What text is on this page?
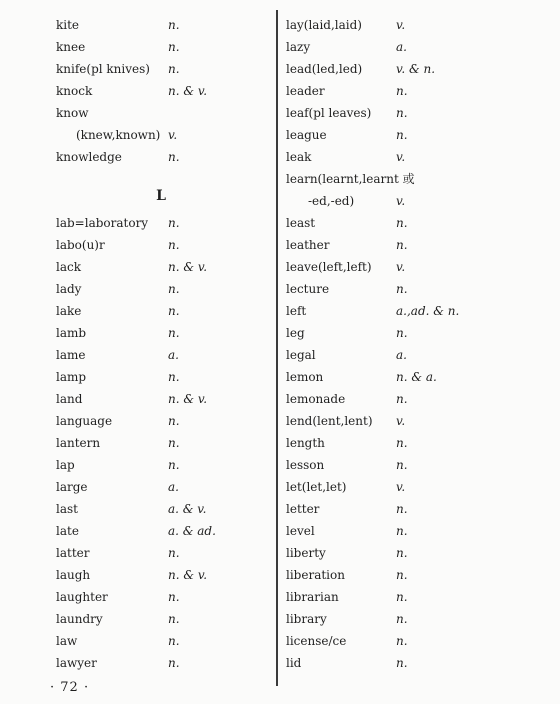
kite	n.
knee	n.
knife(pl knives) n.
knock	n. & v.
know
(knew,known) v.
knowledge	n.
L
lab=laboratory n.
labo(u)r	n.
lack	n. & v.
lady	n.
lake	n.
lamb	n.
lame	a.
lamp	n.
land	n. & v.
language	n.
lantern	n.
lap	n.
large	a.
last	a. & v.
late	a. & ad.
latter	n.
laugh	n. & v.
laughter	n.
laundry	n.
law	n.
lawyer	n.
lay(laid,laid)	v.
lazy	a.
lead(led,led)	v. & n.
leader	n.
leaf(pl leaves) n.
league	n.
leak	v.
learn(learnt,learnt 或
-ed,-ed)	v.
least	n.
leather	n.
leave(left,left) v.
lecture	n.
left	a.,ad. & n.
leg	n.
legal	a.
lemon	n. & a.
lemonade	n.
lend(lent,lent) v.
length	n.
lesson	n.
let(let,let)	v.
letter	n.
level	n.
liberty	n.
liberation	n.
librarian	n.
library	n.
license/ce	n.
lid	n.
· 72 ·
